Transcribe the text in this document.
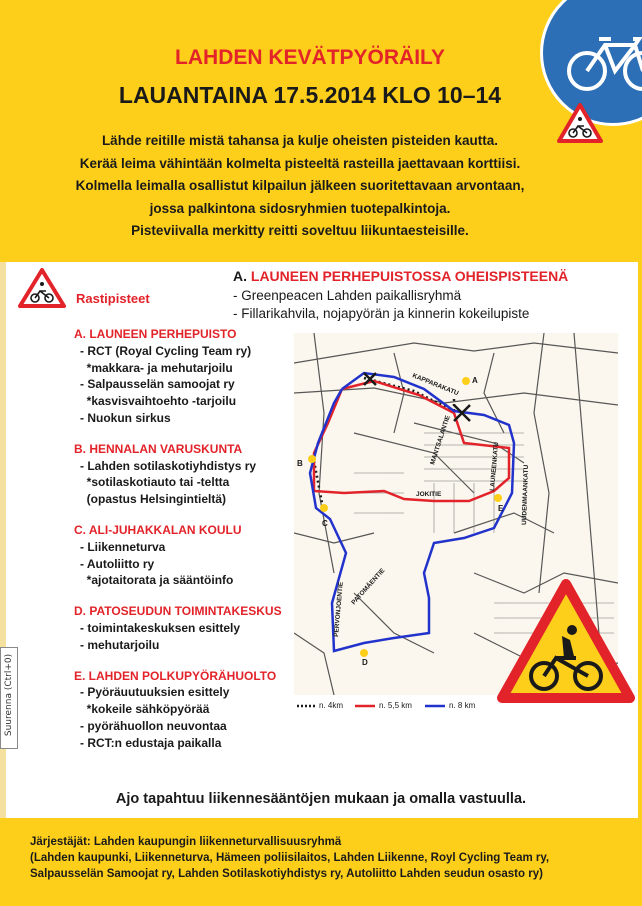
LAHDEN KEVÄTPYÖRÄILY
LAUANTAINA 17.5.2014 KLO 10–14
Lähde reitille mistä tahansa ja kulje oheisten pisteiden kautta.
Kerää leima vähintään kolmelta pisteeltä rasteilla jaettavaan korttiisi.
Kolmella leimalla osallistut kilpailun jälkeen suoritettavaan arvontaan,
jossa palkintona sidosryhmien tuotepalkintoja.
Pisteviivalla merkitty reitti soveltuu liikuntaesteisille.
Rastipisteet
A. LAUNEEN PERHEPUISTOSSA OHEISPISTEENÄ
- Greenpeacen Lahden paikallisryhmä
- Fillarikahvila, nojapyörän ja kinnerin kokeilupiste
A. LAUNEEN PERHEPUISTO
- RCT (Royal Cycling Team ry)
*makkara- ja mehutarjoilu
- Salpausselän samoojat ry
*kasvisvaihtoehto -tarjoilu
- Nuokun sirkus
B. HENNALAN VARUSKUNTA
- Lahden sotilaskotiyhdistys ry
*sotilaskotiauto tai -teltta
(opastus Helsingintieltä)
C. ALI-JUHAKKALAN KOULU
- Liikenneturva
- Autoliitto ry
*ajotaitorata ja sääntöinfo
D. PATOSEUDUN TOIMINTAKESKUS
- toimintakeskuksen esittely
- mehutarjoilu
E. LAHDEN POLKUPYÖRÄHUOLTO
- Pyöräuutuuksien esittely
*kokeile sähköpyörää
- pyörähuollon neuvontaa
- RCT:n edustaja paikalla
A
B
C
D
E
KAPPARAKATU
MANTSALANTIE
JOKITIE
LAUNEENKATU	UUDENMAANKATU
PATOMÄENTIE
PERVONJOENTIE
n. 4km	n. 5,5 km	n. 8 km
Ajo tapahtuu liikennesääntöjen mukaan ja omalla vastuulla.
Järjestäjät: Lahden kaupungin liikenneturvallisuusryhmä
(Lahden kaupunki, Liikenneturva, Hämeen poliisilaitos, Lahden Liikenne, Royl Cycling Team ry,
Salpausselän Samoojat ry, Lahden Sotilaskotiyhdistys ry, Autoliitto Lahden seudun osasto ry)
Suurenna (Ctrl+0)
